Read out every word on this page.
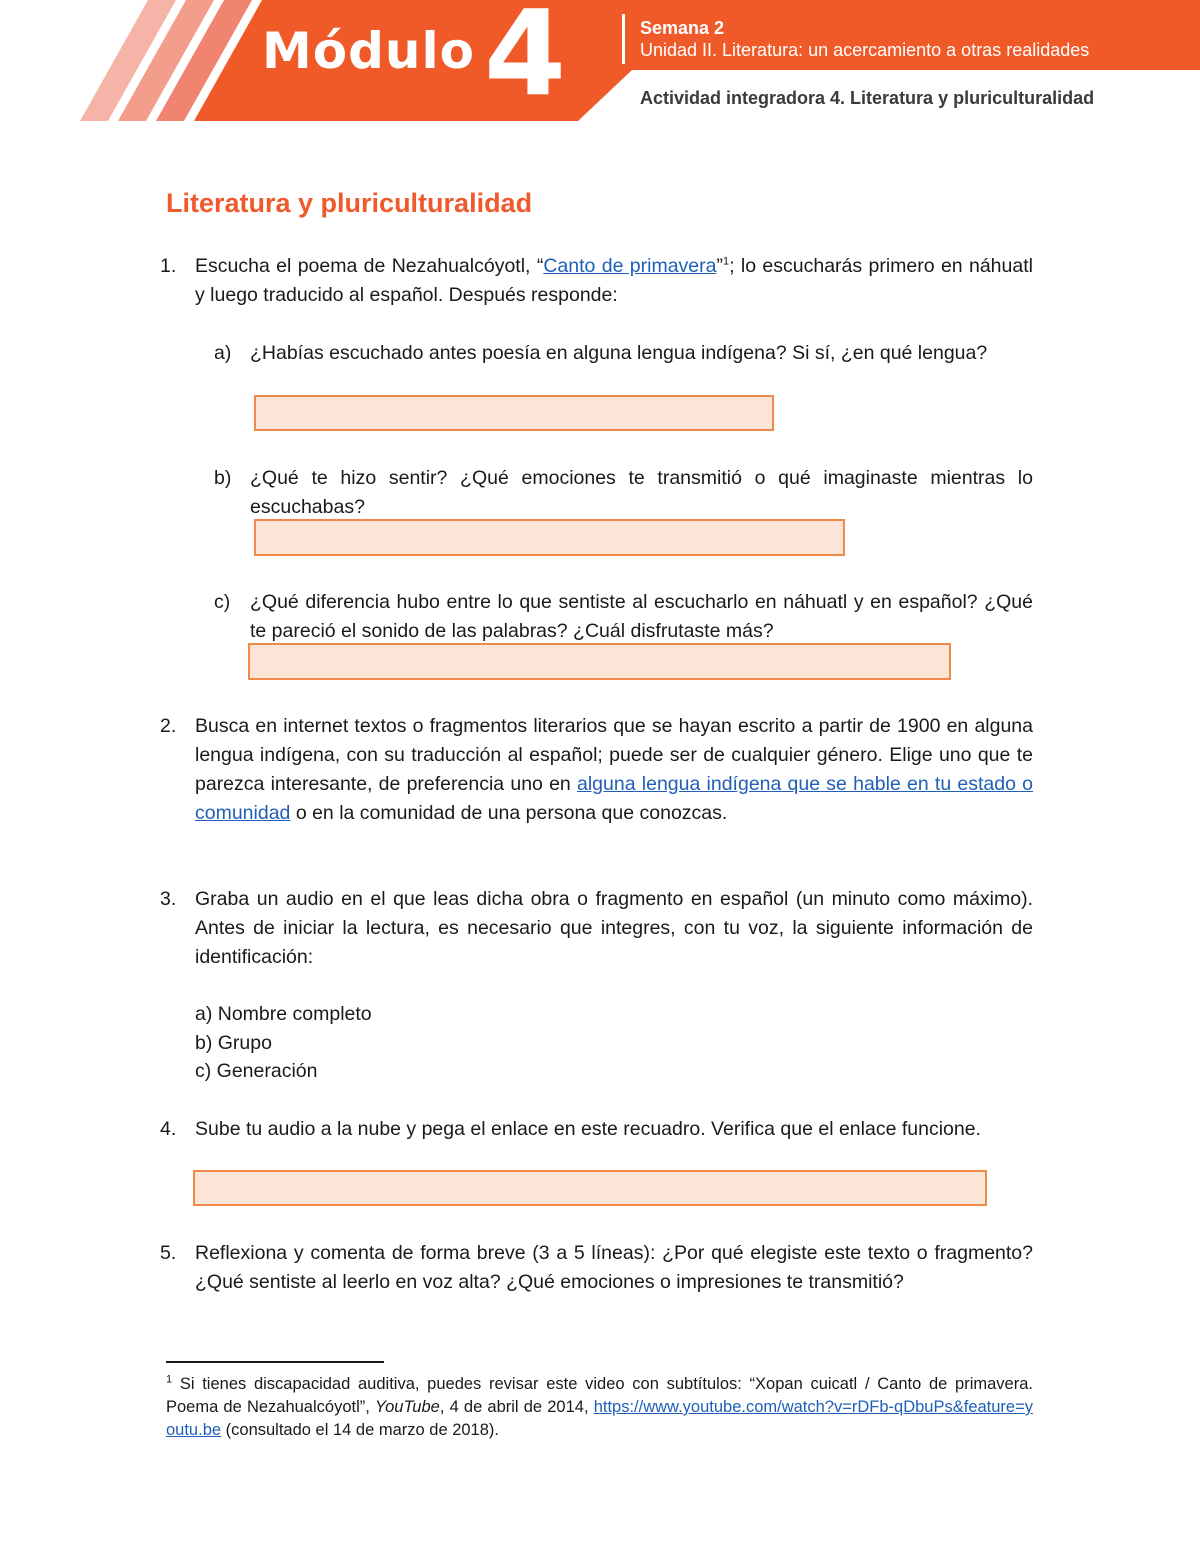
Módulo 4	Semana 2
Unidad II. Literatura: un acercamiento a otras realidades
Actividad integradora 4. Literatura y pluriculturalidad
Literatura y pluriculturalidad
1. Escucha el poema de Nezahualcóyotl, “Canto de primavera”$^1$; lo escucharás primero en náhuatl y luego traducido al español. Después responde:
a) ¿Habías escuchado antes poesía en alguna lengua indígena? Si sí, ¿en qué lengua?
b) ¿Qué te hizo sentir? ¿Qué emociones te transmitió o qué imaginaste mientras lo escuchabas?
c) ¿Qué diferencia hubo entre lo que sentiste al escucharlo en náhuatl y en español? ¿Qué te pareció el sonido de las palabras? ¿Cuál disfrutaste más?
2. Busca en internet textos o fragmentos literarios que se hayan escrito a partir de 1900 en alguna lengua indígena, con su traducción al español; puede ser de cualquier género. Elige uno que te parezca interesante, de preferencia uno en alguna lengua indígena que se hable en tu estado o comunidad o en la comunidad de una persona que conozcas.
3. Graba un audio en el que leas dicha obra o fragmento en español (un minuto como máximo). Antes de iniciar la lectura, es necesario que integres, con tu voz, la siguiente información de identificación:
a) Nombre completo
b) Grupo
c) Generación
4. Sube tu audio a la nube y pega el enlace en este recuadro. Verifica que el enlace funcione.
5. Reflexiona y comenta de forma breve (3 a 5 líneas): ¿Por qué elegiste este texto o fragmento? ¿Qué sentiste al leerlo en voz alta? ¿Qué emociones o impresiones te transmitió?
$^1$ Si tienes discapacidad auditiva, puedes revisar este video con subtítulos: “Xopan cuicatl / Canto de primavera. Poema de Nezahualcóyotl”, YouTube, 4 de abril de 2014, https://www.youtube.com/watch?v=rDFb-qDbuPs&feature=youtu.be (consultado el 14 de marzo de 2018).
